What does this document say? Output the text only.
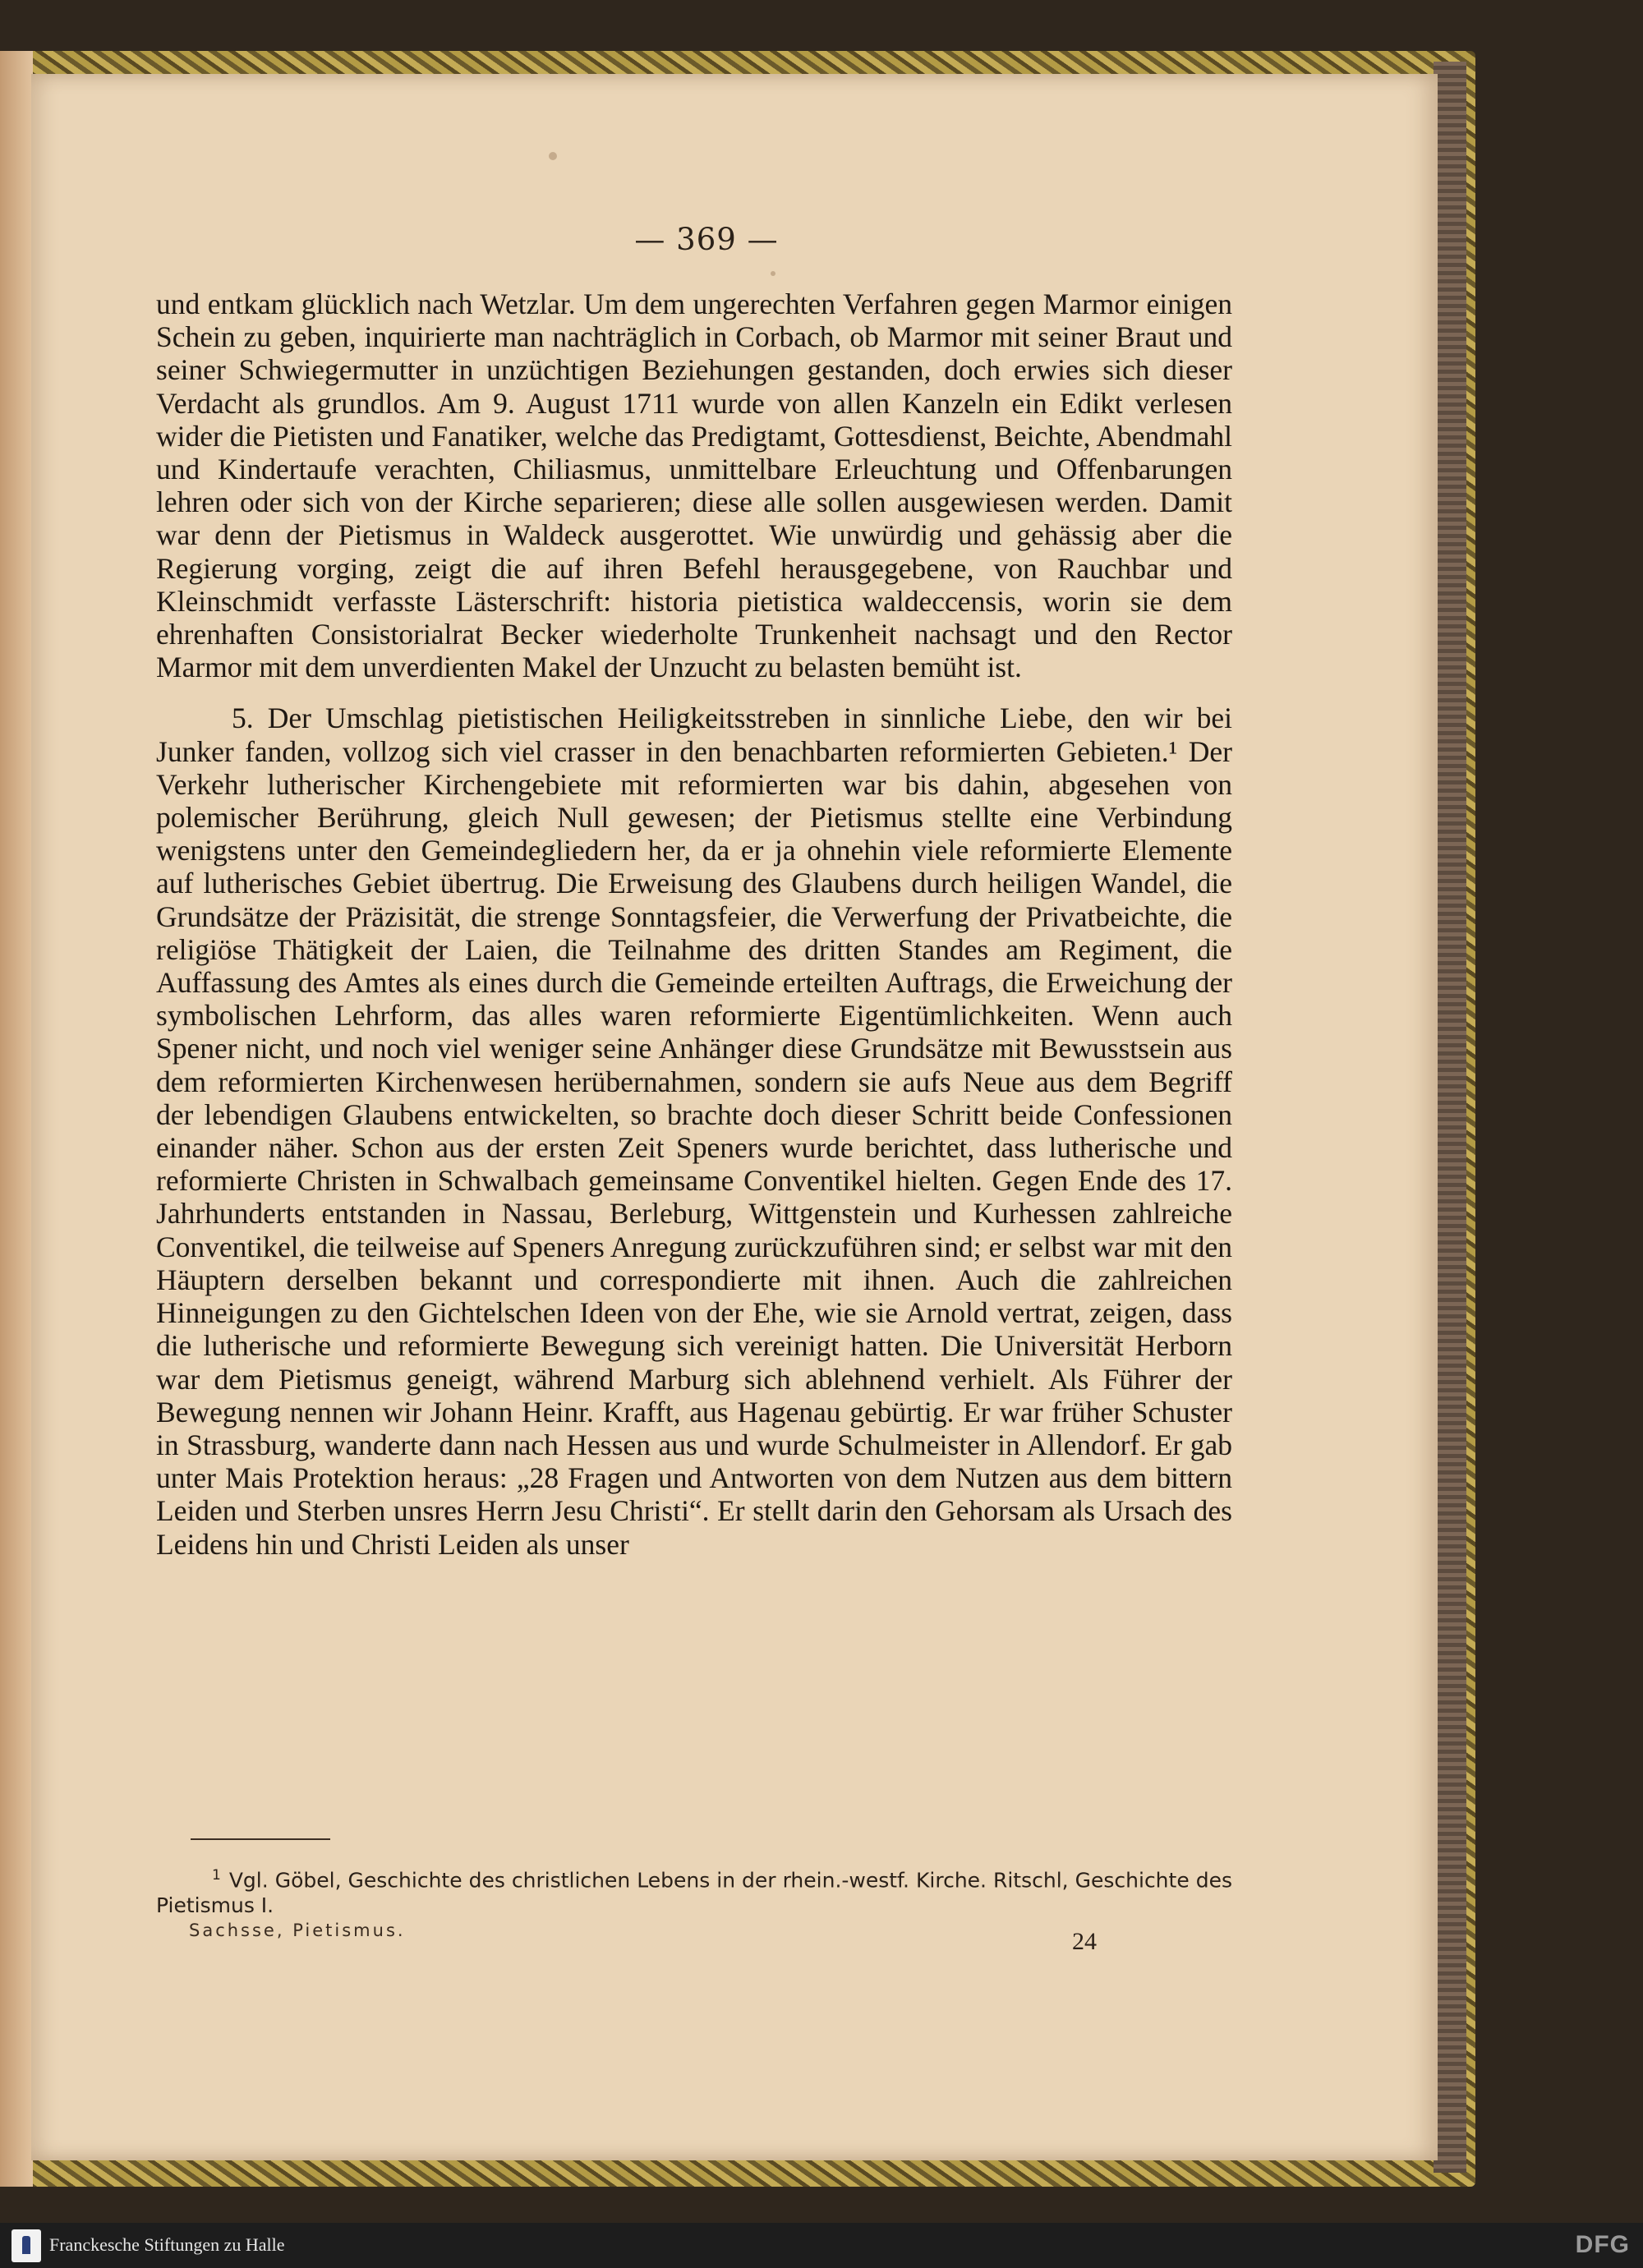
— 369 —

und entkam glücklich nach Wetzlar. Um dem ungerechten Verfahren gegen Marmor einigen Schein zu geben, inquirierte man nachträglich in Corbach, ob Marmor mit seiner Braut und seiner Schwiegermutter in unzüchtigen Beziehungen gestanden, doch erwies sich dieser Verdacht als grundlos. Am 9. August 1711 wurde von allen Kanzeln ein Edikt verlesen wider die Pietisten und Fanatiker, welche das Predigtamt, Gottesdienst, Beichte, Abendmahl und Kindertaufe verachten, Chiliasmus, unmittelbare Erleuchtung und Offenbarungen lehren oder sich von der Kirche separieren; diese alle sollen ausgewiesen werden. Damit war denn der Pietismus in Waldeck ausgerottet. Wie unwürdig und gehässig aber die Regierung vorging, zeigt die auf ihren Befehl herausgegebene, von Rauchbar und Kleinschmidt verfasste Lästerschrift: historia pietistica waldeccensis, worin sie dem ehrenhaften Consistorialrat Becker wiederholte Trunkenheit nachsagt und den Rector Marmor mit dem unverdienten Makel der Unzucht zu belasten bemüht ist.

5. Der Umschlag pietistischen Heiligkeitsstreben in sinnliche Liebe, den wir bei Junker fanden, vollzog sich viel crasser in den benachbarten reformierten Gebieten.¹ Der Verkehr lutherischer Kirchengebiete mit reformierten war bis dahin, abgesehen von polemischer Berührung, gleich Null gewesen; der Pietismus stellte eine Verbindung wenigstens unter den Gemeindegliedern her, da er ja ohnehin viele reformierte Elemente auf lutherisches Gebiet übertrug. Die Erweisung des Glaubens durch heiligen Wandel, die Grundsätze der Präzisität, die strenge Sonntagsfeier, die Verwerfung der Privatbeichte, die religiöse Thätigkeit der Laien, die Teilnahme des dritten Standes am Regiment, die Auffassung des Amtes als eines durch die Gemeinde erteilten Auftrags, die Erweichung der symbolischen Lehrform, das alles waren reformierte Eigentümlichkeiten. Wenn auch Spener nicht, und noch viel weniger seine Anhänger diese Grundsätze mit Bewusstsein aus dem reformierten Kirchenwesen herübernahmen, sondern sie aufs Neue aus dem Begriff der lebendigen Glaubens entwickelten, so brachte doch dieser Schritt beide Confessionen einander näher. Schon aus der ersten Zeit Speners wurde berichtet, dass lutherische und reformierte Christen in Schwalbach gemeinsame Conventikel hielten. Gegen Ende des 17. Jahrhunderts entstanden in Nassau, Berleburg, Wittgenstein und Kurhessen zahlreiche Conventikel, die teilweise auf Speners Anregung zurückzuführen sind; er selbst war mit den Häuptern derselben bekannt und correspondierte mit ihnen. Auch die zahlreichen Hinneigungen zu den Gichtelschen Ideen von der Ehe, wie sie Arnold vertrat, zeigen, dass die lutherische und reformierte Bewegung sich vereinigt hatten. Die Universität Herborn war dem Pietismus geneigt, während Marburg sich ablehnend verhielt. Als Führer der Bewegung nennen wir Johann Heinr. Krafft, aus Hagenau gebürtig. Er war früher Schuster in Strassburg, wanderte dann nach Hessen aus und wurde Schulmeister in Allendorf. Er gab unter Mais Protektion heraus: „28 Fragen und Antworten von dem Nutzen aus dem bittern Leiden und Sterben unsres Herrn Jesu Christi“. Er stellt darin den Gehorsam als Ursach des Leidens hin und Christi Leiden als unser

$^1$ Vgl. Göbel, Geschichte des christlichen Lebens in der rhein.-westf. Kirche. Ritschl, Geschichte des Pietismus I.
Sachsse, Pietismus.	24
Franckesche Stiftungen zu Halle	DFG
